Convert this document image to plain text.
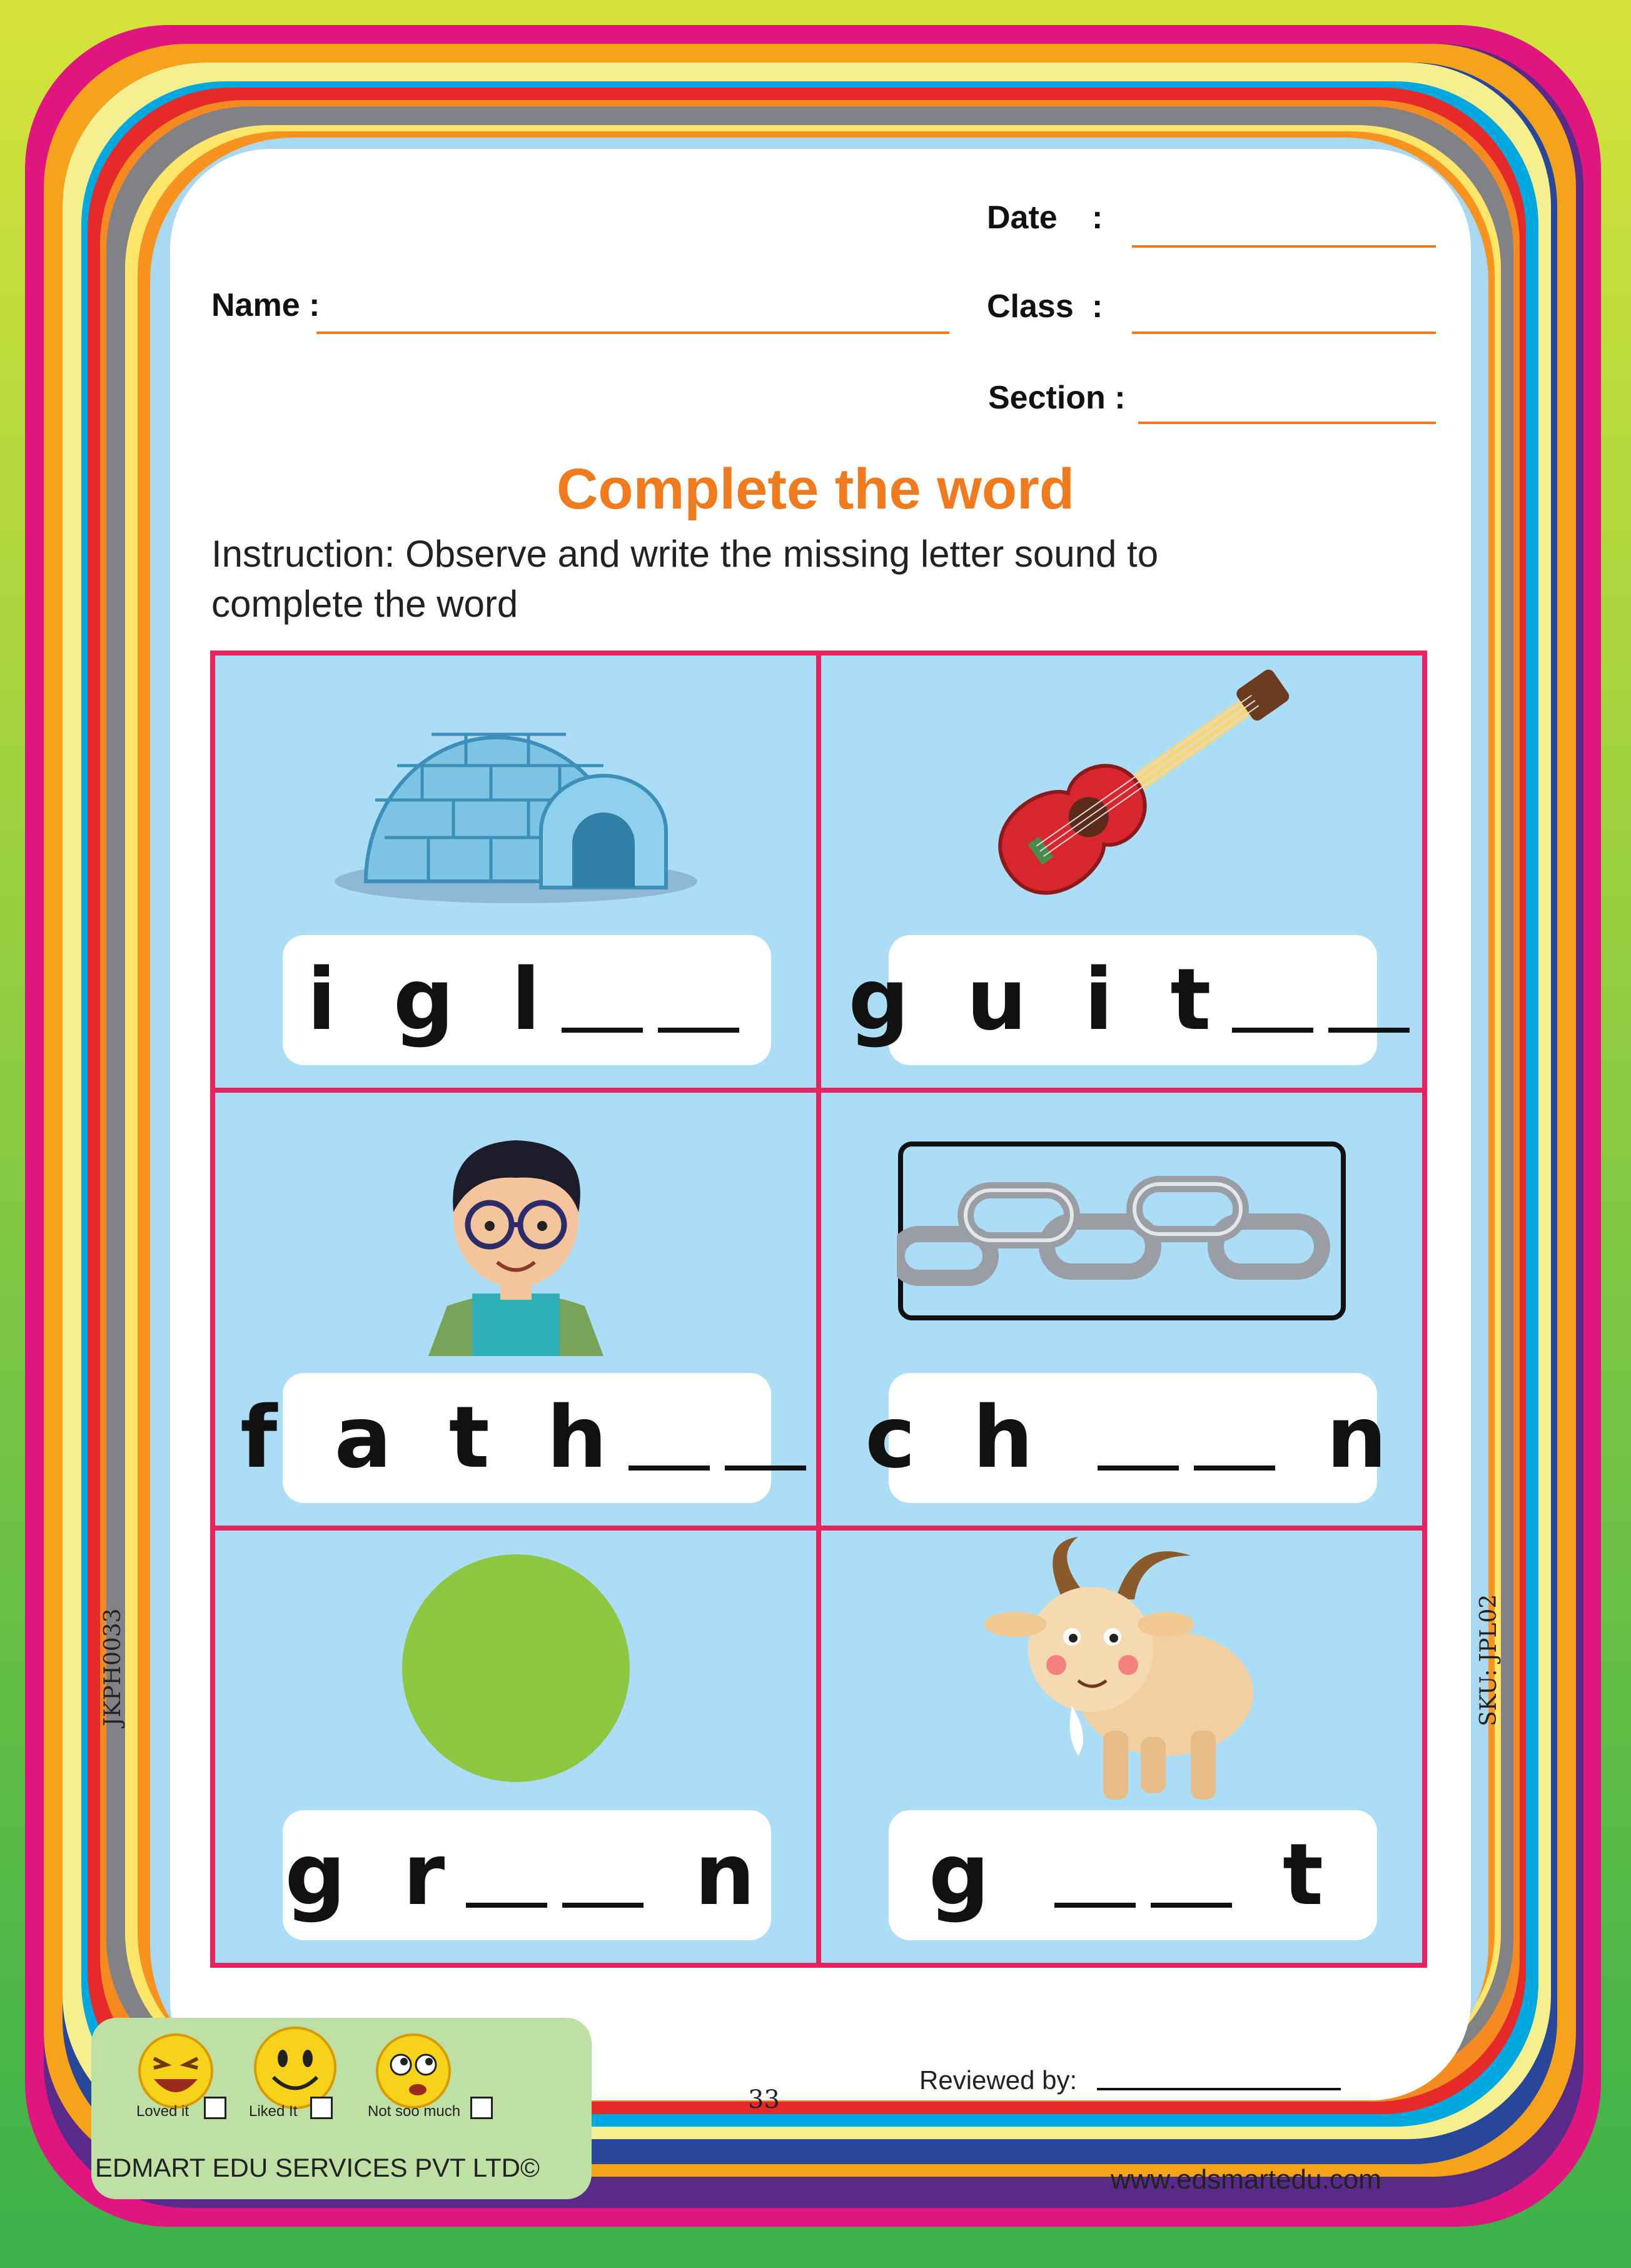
Date :
Name :	Class :
Section :
Complete the word
Instruction: Observe and write the missing letter sound to complete the word
i g l	g u i t
f a t h	c h  n
g r n g  t
JKPH0033	SKU: JPL02
Loved it	Liked It	Not soo much
EDMART EDU SERVICES PVT LTD©
33
Reviewed by:
www.edsmartedu.com
